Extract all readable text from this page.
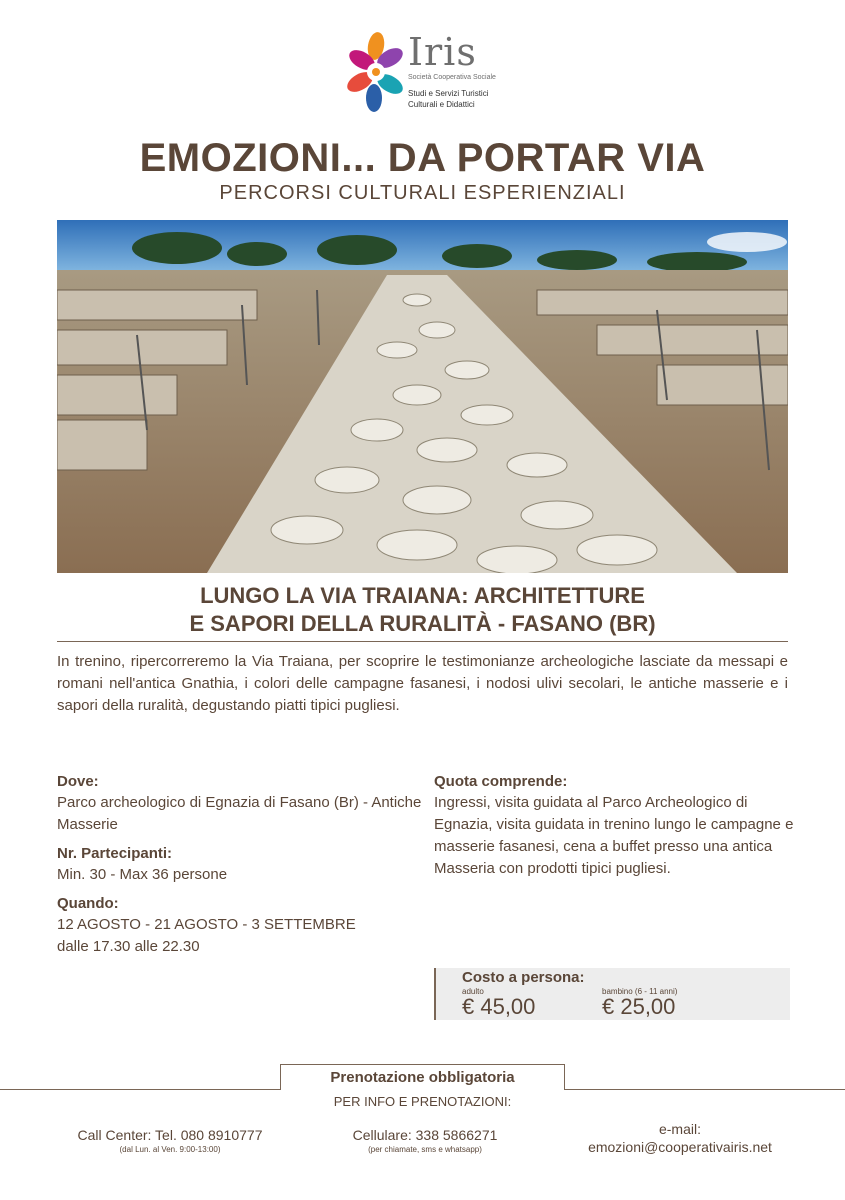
Iris
Società Cooperativa Sociale
Studi e Servizi Turistici Culturali e Didattici
EMOZIONI... DA PORTAR VIA
PERCORSI CULTURALI ESPERIENZIALI
LUNGO LA VIA TRAIANA: ARCHITETTURE
E SAPORI DELLA RURALITÀ - FASANO (BR)
In trenino, ripercorreremo la Via Traiana, per scoprire le testimonianze archeologiche lasciate da messapi e romani nell'antica Gnathia, i colori delle campagne fasanesi, i nodosi ulivi secolari, le antiche masserie e i sapori della ruralità, degustando piatti tipici pugliesi.
Dove:
Parco archeologico di Egnazia di Fasano (Br) - Antiche Masserie
Nr. Partecipanti:
Min. 30 - Max 36 persone
Quando:
12 AGOSTO - 21 AGOSTO - 3 SETTEMBRE
dalle 17.30 alle 22.30
Quota comprende:
Ingressi, visita guidata al Parco Archeologico di Egnazia, visita guidata in trenino lungo le campagne e masserie fasanesi, cena a buffet presso una antica Masseria con prodotti tipici pugliesi.
Costo a persona:
adulto
€ 45,00
bambino (6 - 11 anni)
€ 25,00
Prenotazione obbligatoria
PER INFO E PRENOTAZIONI:
Call Center: Tel. 080 8910777
(dal Lun. al Ven. 9:00-13:00)
Cellulare: 338 5866271
(per chiamate, sms e whatsapp)
e-mail:
emozioni@cooperativairis.net
